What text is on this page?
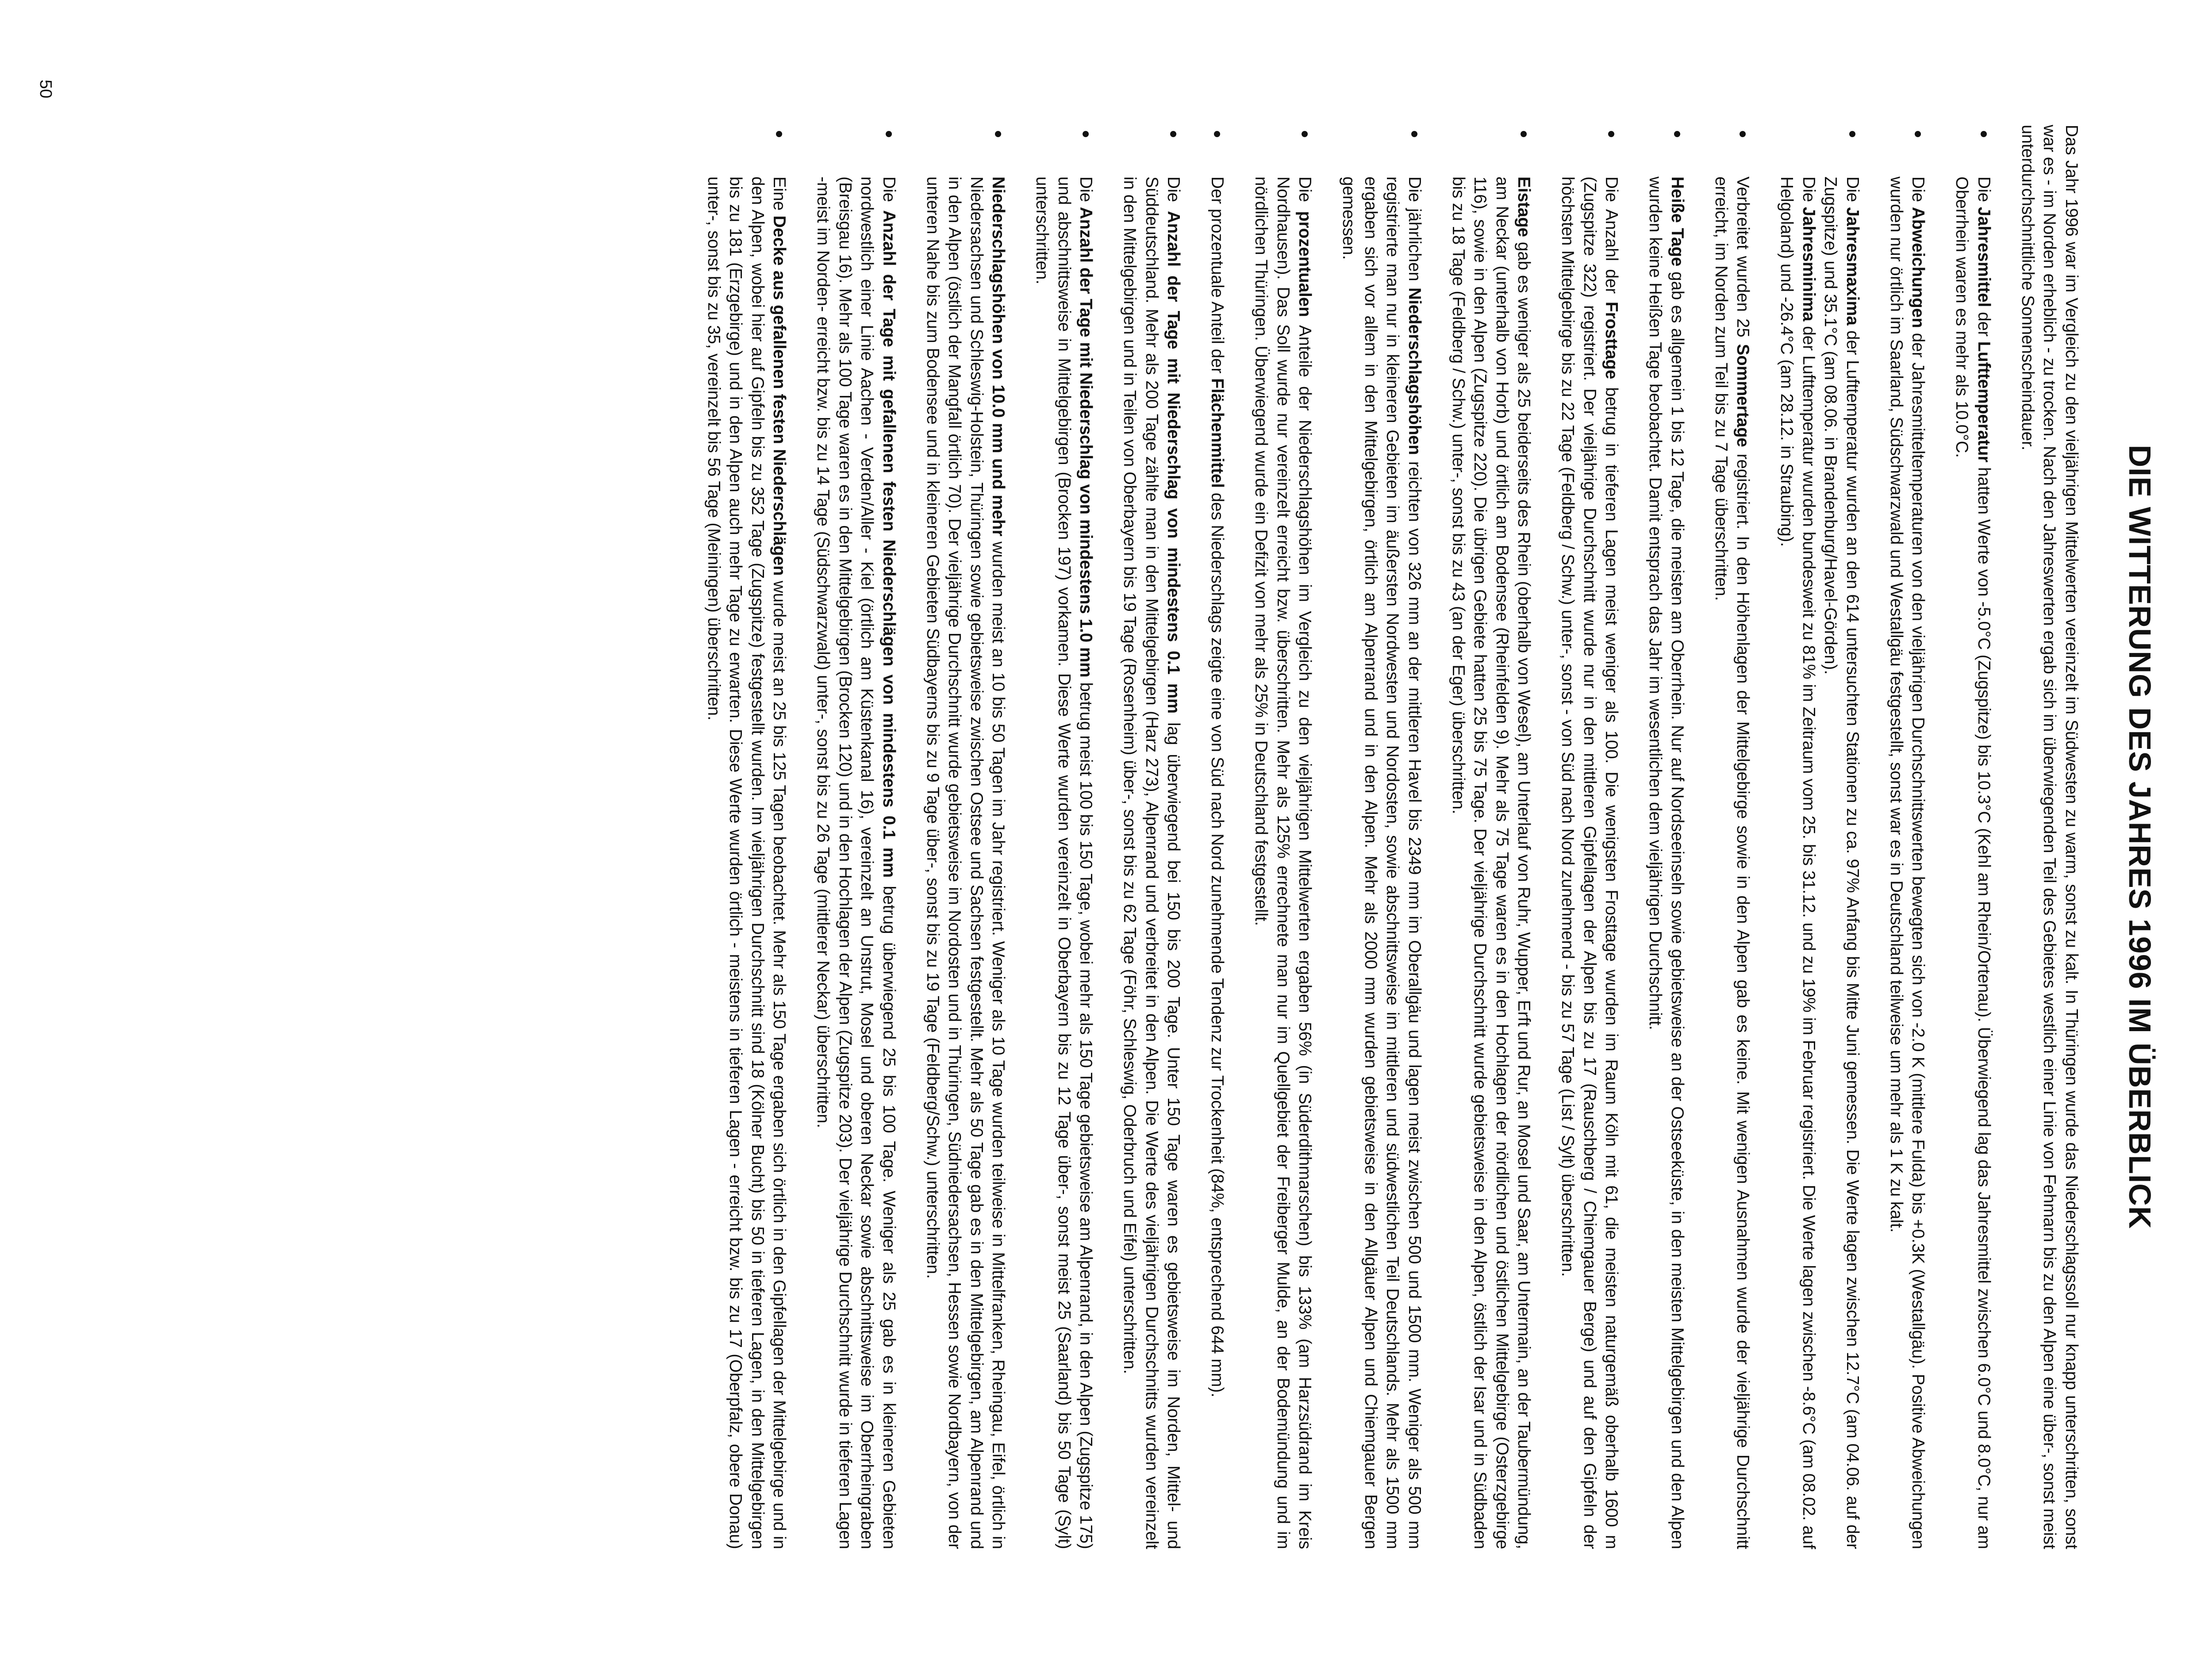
DIE WITTERUNG DES JAHRES 1996 IM ÜBERBLICK

Das Jahr 1996 war im Vergleich zu den vieljährigen Mittelwerten vereinzelt im Südwesten zu warm, sonst zu kalt. In Thüringen wurde das Niederschlagssoll nur knapp unterschritten, sonst war es - im Norden erheblich - zu trocken. Nach den Jahreswerten ergab sich im überwiegenden Teil des Gebietes westlich einer Linie von Fehmarn bis zu den Alpen eine über-, sonst meist unterdurchschnittliche Sonnenscheindauer.

Die Jahresmittel der Lufttemperatur hatten Werte von -5.0°C (Zugspitze) bis 10.3°C (Kehl am Rhein/Ortenau). Überwiegend lag das Jahresmittel zwischen 6.0°C und 8.0°C, nur am Oberrhein waren es mehr als 10.0°C.
Die Abweichungen der Jahresmitteltemperaturen von den vieljährigen Durchschnittswerten bewegten sich von -2.0 K (mittlere Fulda) bis +0.3K (Westallgäu). Positive Abweichungen wurden nur örtlich im Saarland, Südschwarzwald und Westallgäu festgestellt, sonst war es in Deutschland teilweise um mehr als 1 K zu kalt.
Die Jahresmaxima der Lufttemperatur wurden an den 614 untersuchten Stationen zu ca. 97% Anfang bis Mitte Juni gemessen. Die Werte lagen zwischen 12.7°C (am 04.06. auf der Zugspitze) und 35.1°C (am 08.06. in Brandenburg/Havel-Görden).
Die Jahresminima der Lufttemperatur wurden bundesweit zu 81% im Zeitraum vom 25. bis 31.12. und zu 19% im Februar registriert. Die Werte lagen zwischen -8.6°C (am 08.02. auf Helgoland) und -26.4°C (am 28.12. in Straubing).
Verbreitet wurden 25 Sommertage registriert. In den Höhenlagen der Mittelgebirge sowie in den Alpen gab es keine. Mit wenigen Ausnahmen wurde der vieljährige Durchschnitt erreicht, im Norden zum Teil bis zu 7 Tage überschritten.
Heiße Tage gab es allgemein 1 bis 12 Tage, die meisten am Oberrhein. Nur auf Nordseeinseln sowie gebietsweise an der Ostseeküste, in den meisten Mittelgebirgen und den Alpen wurden keine Heißen Tage beobachtet. Damit entsprach das Jahr im wesentlichen dem vieljährigen Durchschnitt.
Die Anzahl der Frosttage betrug in tieferen Lagen meist weniger als 100. Die wenigsten Frosttage wurden im Raum Köln mit 61, die meisten naturgemäß oberhalb 1600 m (Zugspitze 322) registriert. Der vieljährige Durchschnitt wurde nur in den mittleren Gipfellagen der Alpen bis zu 17 (Rauschberg / Chiemgauer Berge) und auf den Gipfeln der höchsten Mittelgebirge bis zu 22 Tage (Feldberg / Schw.) unter-, sonst - von Süd nach Nord zunehmend - bis zu 57 Tage (List / Sylt) überschritten.
Eistage gab es weniger als 25 beiderseits des Rhein (oberhalb von Wesel), am Unterlauf von Ruhr, Wupper, Erft und Rur, an Mosel und Saar, am Untermain, an der Taubermündung, am Neckar (unterhalb von Horb) und örtlich am Bodensee (Rheinfelden 9). Mehr als 75 Tage waren es in den Hochlagen der nördlichen und östlichen Mittelgebirge (Osterzgebirge 116), sowie in den Alpen (Zugspitze 220). Die übrigen Gebiete hatten 25 bis 75 Tage. Der vieljährige Durchschnitt wurde gebietsweise in den Alpen, östlich der Isar und in Südbaden bis zu 18 Tage (Feldberg / Schw.) unter-, sonst bis zu 43 (an der Eger) überschritten.
Die jährlichen Niederschlagshöhen reichten von 326 mm an der mittleren Havel bis 2349 mm im Oberallgäu und lagen meist zwischen 500 und 1500 mm. Weniger als 500 mm registrierte man nur in kleineren Gebieten im äußersten Nordwesten und Nordosten, sowie abschnittsweise im mittleren und südwestlichen Teil Deutschlands. Mehr als 1500 mm ergaben sich vor allem in den Mittelgebirgen, örtlich am Alpenrand und in den Alpen. Mehr als 2000 mm wurden gebietsweise in den Allgäuer Alpen und Chiemgauer Bergen gemessen.
Die prozentualen Anteile der Niederschlagshöhen im Vergleich zu den vieljährigen Mittelwerten ergaben 56% (in Süderdithmarschen) bis 133% (am Harzsüdrand im Kreis Nordhausen). Das Soll wurde nur vereinzelt erreicht bzw. überschritten. Mehr als 125% errechnete man nur im Quellgebiet der Freiberger Mulde, an der Bodemündung und im nördlichen Thüringen. Überwiegend wurde ein Defizit von mehr als 25% in Deutschland festgestellt.
Der prozentuale Anteil der Flächenmittel des Niederschlags zeigte eine von Süd nach Nord zunehmende Tendenz zur Trockenheit (84%, entsprechend 644 mm).
Die Anzahl der Tage mit Niederschlag von mindestens 0.1 mm lag überwiegend bei 150 bis 200 Tage. Unter 150 Tage waren es gebietsweise im Norden, Mittel- und Süddeutschland. Mehr als 200 Tage zählte man in den Mittelgebirgen (Harz 273), Alpenrand und verbreitet in den Alpen. Die Werte des vieljährigen Durchschnitts wurden vereinzelt in den Mittelgebirgen und in Teilen von Oberbayern bis 19 Tage (Rosenheim) über-, sonst bis zu 62 Tage (Föhr, Schleswig, Oderbruch und Eifel) unterschritten.
Die Anzahl der Tage mit Niederschlag von mindestens 1.0 mm betrug meist 100 bis 150 Tage, wobei mehr als 150 Tage gebietsweise am Alpenrand, in den Alpen (Zugspitze 175) und abschnittsweise in Mittelgebirgen (Brocken 197) vorkamen. Diese Werte wurden vereinzelt in Oberbayern bis zu 12 Tage über-, sonst meist 25 (Saarland) bis 50 Tage (Sylt) unterschritten.
Niederschlagshöhen von 10.0 mm und mehr wurden meist an 10 bis 50 Tagen im Jahr registriert. Weniger als 10 Tage wurden teilweise in Mittelfranken, Rheingau, Eifel, örtlich in Niedersachsen und Schleswig-Holstein, Thüringen sowie gebietsweise zwischen Ostsee und Sachsen festgestellt. Mehr als 50 Tage gab es in den Mittelgebirgen, am Alpenrand und in den Alpen (östlich der Mangfall örtlich 70). Der vieljährige Durchschnitt wurde gebietsweise im Nordosten und in Thüringen, Südniedersachsen, Hessen sowie Nordbayern, von der unteren Nahe bis zum Bodensee und in kleineren Gebieten Südbayerns bis zu 9 Tage über-, sonst bis zu 19 Tage (Feldberg/Schw.) unterschritten.
Die Anzahl der Tage mit gefallenen festen Niederschlägen von mindestens 0.1 mm betrug überwiegend 25 bis 100 Tage. Weniger als 25 gab es in kleineren Gebieten nordwestlich einer Linie Aachen - Verden/Aller - Kiel (örtlich am Küstenkanal 16), vereinzelt an Unstrut, Mosel und oberen Neckar sowie abschnittsweise im Oberrheingraben (Breisgau 16). Mehr als 100 Tage waren es in den Mittelgebirgen (Brocken 120) und in den Hochlagen der Alpen (Zugspitze 203). Der vieljährige Durchschnitt wurde in tieferen Lagen -meist im Norden- erreicht bzw. bis zu 14 Tage (Südschwarzwald) unter-, sonst bis zu 26 Tage (mittlerer Neckar) überschritten.
Eine Decke aus gefallenen festen Niederschlägen wurde meist an 25 bis 125 Tagen beobachtet. Mehr als 150 Tage ergaben sich örtlich in den Gipfellagen der Mittelgebirge und in den Alpen, wobei hier auf Gipfeln bis zu 352 Tage (Zugspitze) festgestellt wurden. Im vieljährigen Durchschnitt sind 18 (Kölner Bucht) bis 50 in tieferen Lagen, in den Mittelgebirgen bis zu 181 (Erzgebirge) und in den Alpen auch mehr Tage zu erwarten. Diese Werte wurden örtlich - meistens in tieferen Lagen - erreicht bzw. bis zu 17 (Oberpfalz, obere Donau) unter-, sonst bis zu 35, vereinzelt bis 56 Tage (Meiningen) überschritten.
50
